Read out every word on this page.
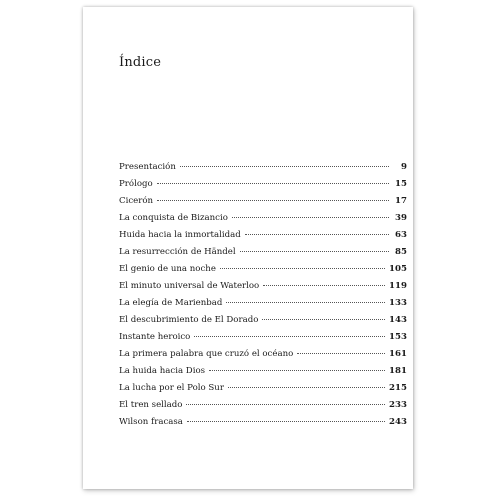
Índice
Presentación	9
Prólogo	15
Cicerón	17
La conquista de Bizancio	39
Huida hacia la inmortalidad	63
La resurrección de Händel	85
El genio de una noche	105
El minuto universal de Waterloo	119
La elegía de Marienbad	133
El descubrimiento de El Dorado	143
Instante heroico	153
La primera palabra que cruzó el océano	161
La huida hacia Dios	181
La lucha por el Polo Sur	215
El tren sellado	233
Wilson fracasa	243
